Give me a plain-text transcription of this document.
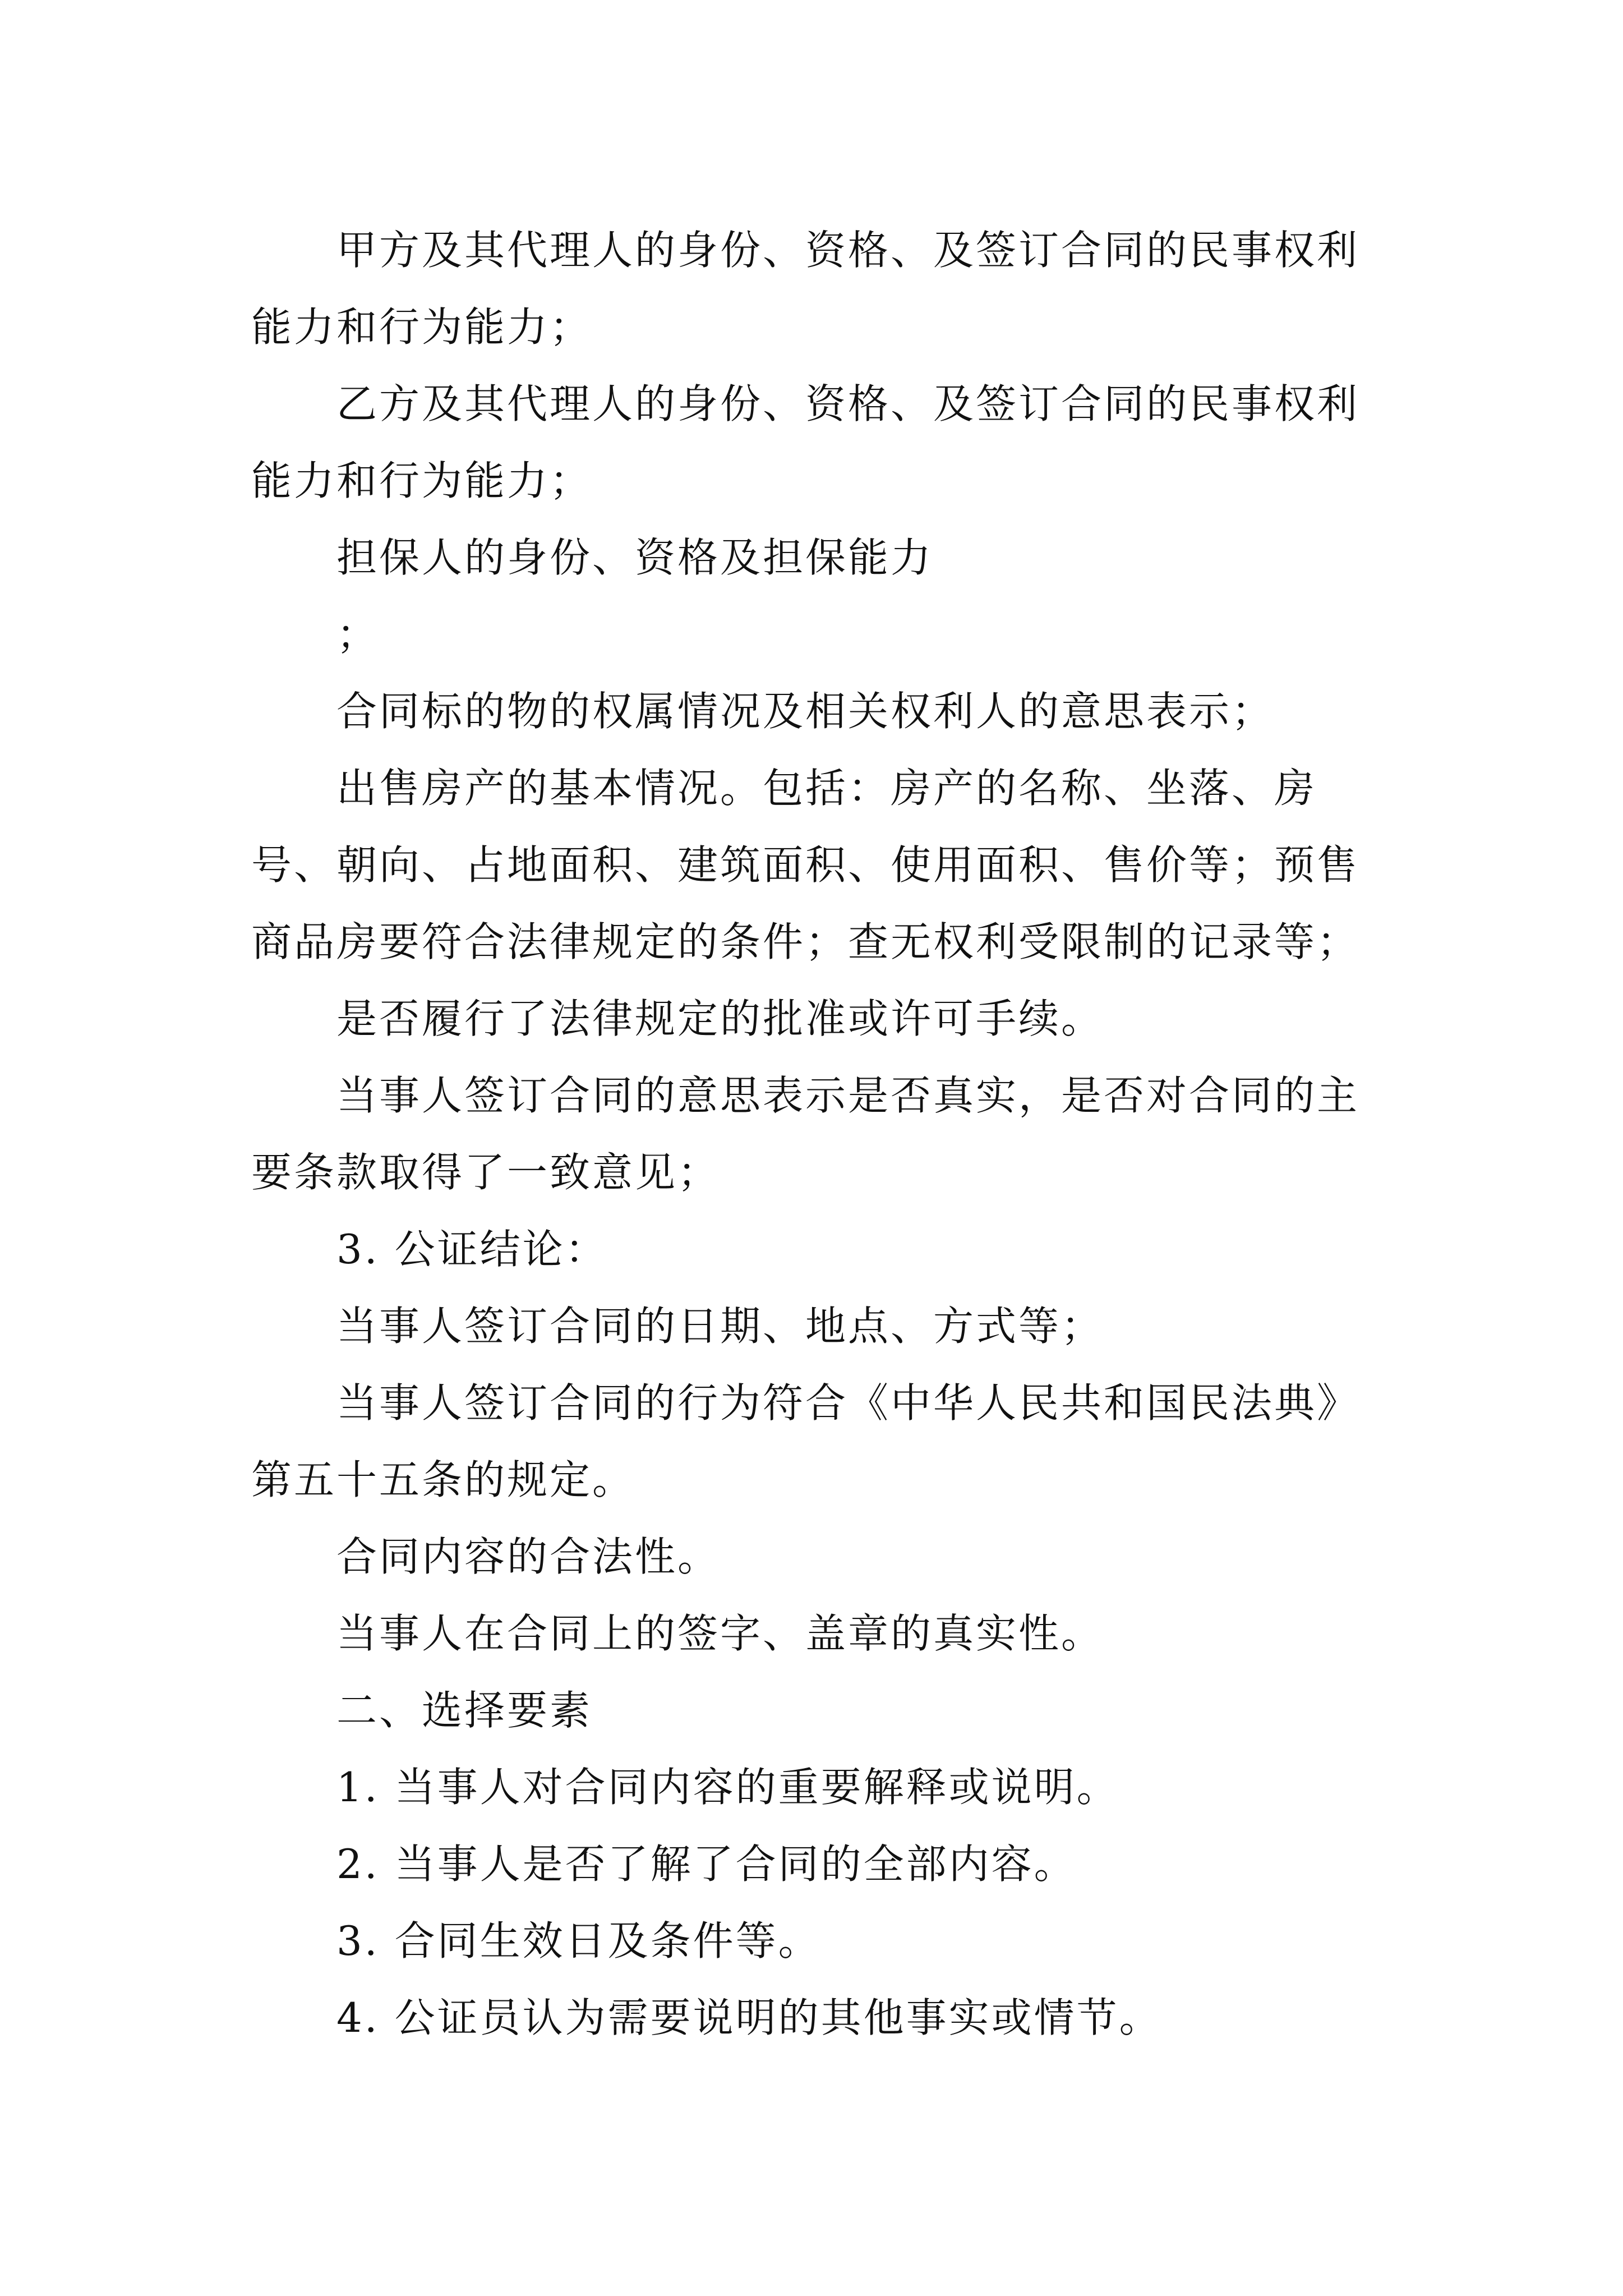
甲方及其代理人的身份、资格、及签订合同的民事权利能力和行为能力；

乙方及其代理人的身份、资格、及签订合同的民事权利能力和行为能力；

担保人的身份、资格及担保能力

；

合同标的物的权属情况及相关权利人的意思表示；

出售房产的基本情况。包括：房产的名称、坐落、房号、朝向、占地面积、建筑面积、使用面积、售价等；预售商品房要符合法律规定的条件；查无权利受限制的记录等；

是否履行了法律规定的批准或许可手续。

当事人签订合同的意思表示是否真实，是否对合同的主要条款取得了一致意见；

3. 公证结论：

当事人签订合同的日期、地点、方式等；

当事人签订合同的行为符合《中华人民共和国民法典》第五十五条的规定。

合同内容的合法性。

当事人在合同上的签字、盖章的真实性。

二、选择要素

1. 当事人对合同内容的重要解释或说明。

2. 当事人是否了解了合同的全部内容。

3. 合同生效日及条件等。

4. 公证员认为需要说明的其他事实或情节。
